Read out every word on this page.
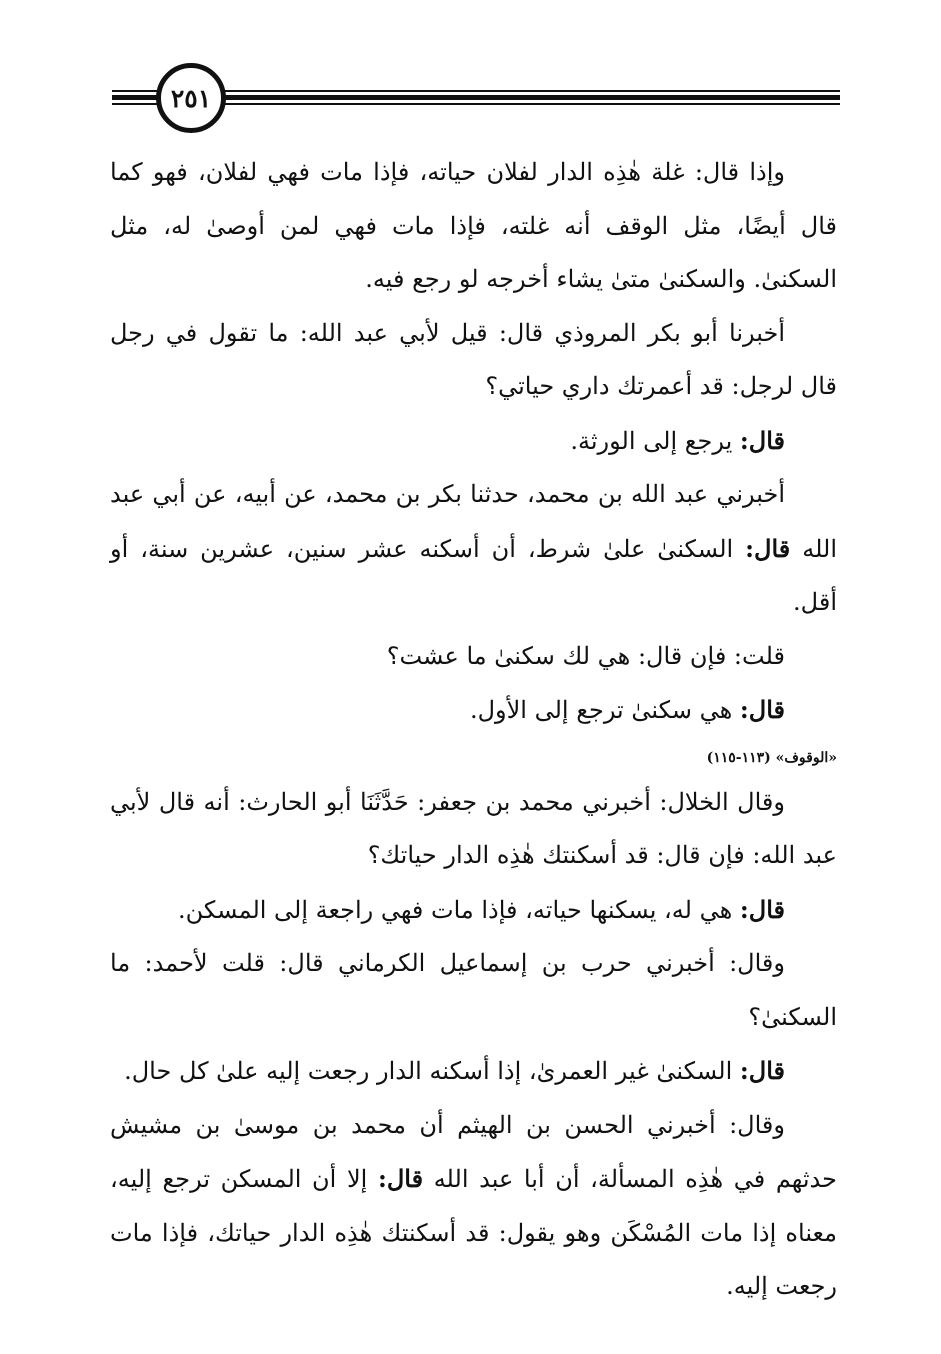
٢٥١

وإذا قال: غلة هٰذِه الدار لفلان حياته، فإذا مات فهي لفلان، فهو كما قال أيضًا، مثل الوقف أنه غلته، فإذا مات فهي لمن أوصىٰ له، مثل السكنىٰ. والسكنىٰ متىٰ يشاء أخرجه لو رجع فيه.

أخبرنا أبو بكر المروذي قال: قيل لأبي عبد الله: ما تقول في رجل قال لرجل: قد أعمرتك داري حياتي؟

قال: يرجع إلى الورثة.

أخبرني عبد الله بن محمد، حدثنا بكر بن محمد، عن أبيه، عن أبي عبد الله قال: السكنىٰ علىٰ شرط، أن أسكنه عشر سنين، عشرين سنة، أو أقل.

قلت: فإن قال: هي لك سكنىٰ ما عشت؟

قال: هي سكنىٰ ترجع إلى الأول.

«الوقوف» (١١٣-١١٥)

وقال الخلال: أخبرني محمد بن جعفر: حَدَّثَنَا أبو الحارث: أنه قال لأبي عبد الله: فإن قال: قد أسكنتك هٰذِه الدار حياتك؟

قال: هي له، يسكنها حياته، فإذا مات فهي راجعة إلى المسكن.

وقال: أخبرني حرب بن إسماعيل الكرماني قال: قلت لأحمد: ما السكنىٰ؟

قال: السكنىٰ غير العمرىٰ، إذا أسكنه الدار رجعت إليه علىٰ كل حال.

وقال: أخبرني الحسن بن الهيثم أن محمد بن موسىٰ بن مشيش حدثهم في هٰذِه المسألة، أن أبا عبد الله قال: إلا أن المسكن ترجع إليه، معناه إذا مات المُسْكَن وهو يقول: قد أسكنتك هٰذِه الدار حياتك، فإذا مات رجعت إليه.
